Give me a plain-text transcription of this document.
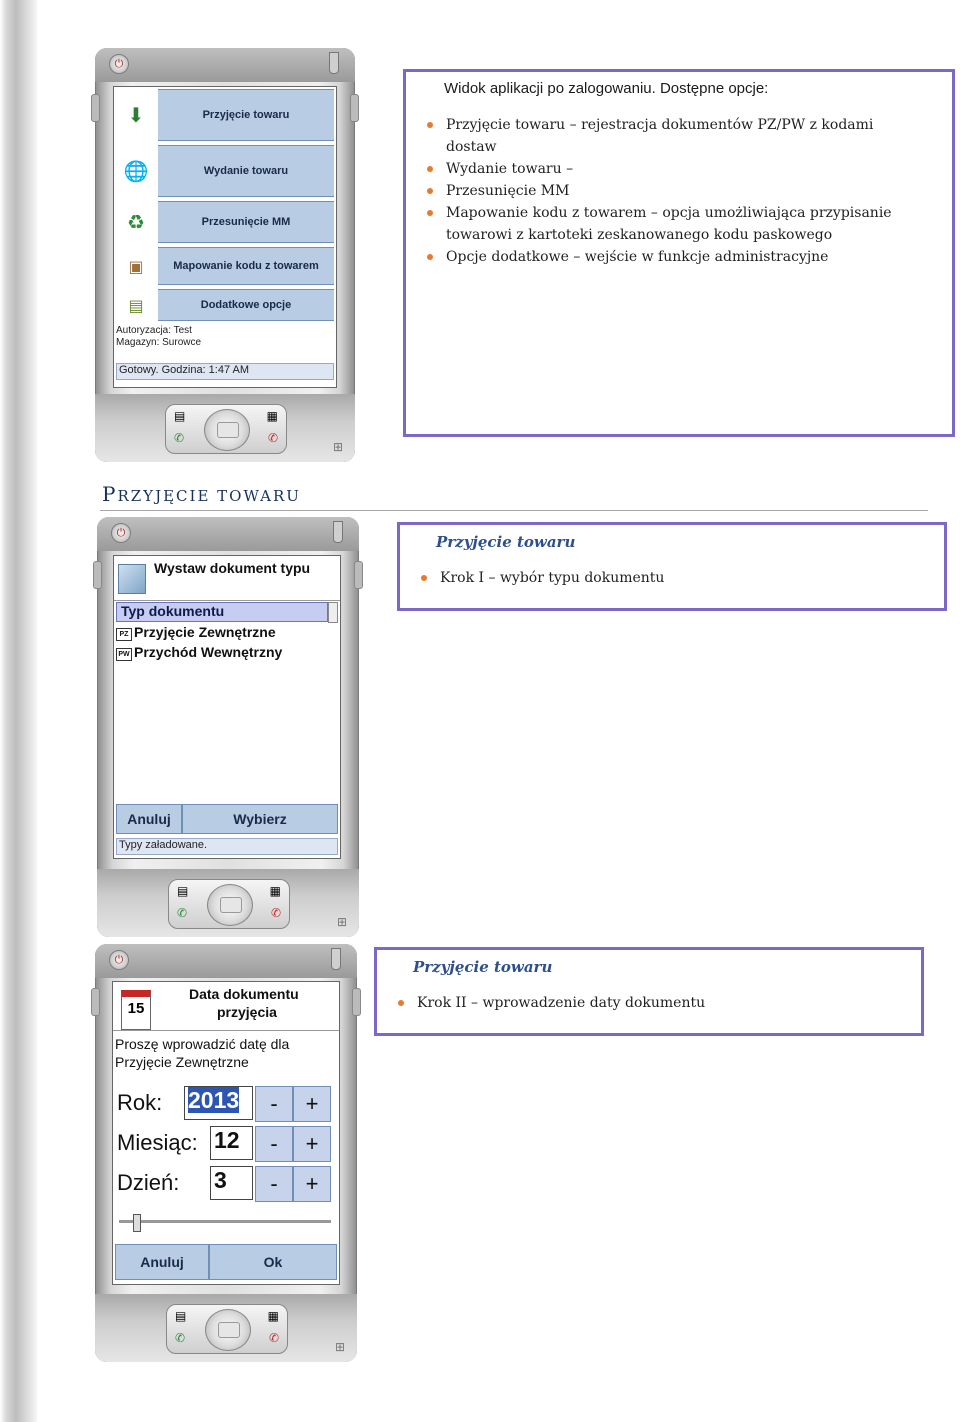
⏻
⬇	Przyjęcie towaru
🌐	Wydanie towaru
♻	Przesunięcie MM
▣	Mapowanie kodu z towarem
▤	Dodatkowe opcje
Autoryzacja: Test
Magazyn: Surowce
Gotowy. Godzina: 1:47 AM
▤	▦
✆	✆
⊞
Widok aplikacji po zalogowaniu. Dostępne opcje:
Przyjęcie towaru – rejestracja dokumentów PZ/PW z kodami dostaw
Wydanie towaru –
Przesunięcie MM
Mapowanie kodu z towarem – opcja umożliwiająca przypisanie towarowi z kartoteki zeskanowanego kodu paskowego
Opcje dodatkowe – wejście w funkcje administracyjne
PRZYJĘCIE TOWARU
⏻
Wystaw dokument typu
Typ dokumentu
PZ Przyjęcie Zewnętrzne
PW Przychód Wewnętrzny
Anuluj	Wybierz
Typy załadowane.
▤	▦
✆	✆
⊞
Przyjęcie towaru
Krok I – wybór typu dokumentu
⏻
15
Data dokumentu
przyjęcia
Proszę wprowadzić datę dla
Przyjęcie Zewnętrzne
Rok: 2013	-	+
Miesiąc: 12	-	+
Dzień: 3	-	+
Anuluj	Ok
▤	▦
✆	✆
⊞
Przyjęcie towaru
Krok II – wprowadzenie daty dokumentu
